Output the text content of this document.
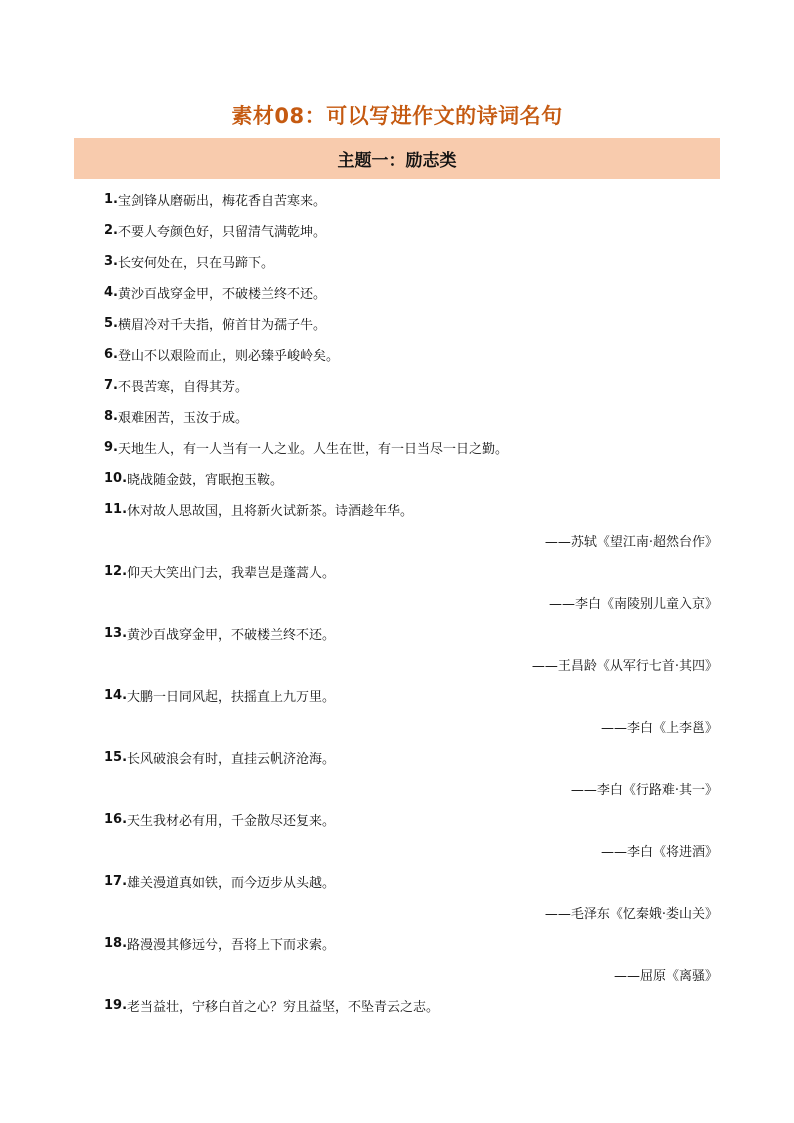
素材08：可以写进作文的诗词名句
主题一：励志类
1. 宝剑锋从磨砺出，梅花香自苦寒来。
2. 不要人夸颜色好，只留清气满乾坤。
3. 长安何处在，只在马蹄下。
4. 黄沙百战穿金甲，不破楼兰终不还。
5. 横眉冷对千夫指，俯首甘为孺子牛。
6. 登山不以艰险而止，则必臻乎峻岭矣。
7. 不畏苦寒，自得其芳。
8. 艰难困苦，玉汝于成。
9. 天地生人，有一人当有一人之业。人生在世，有一日当尽一日之勤。
10. 晓战随金鼓，宵眠抱玉鞍。
11. 休对故人思故国，且将新火试新茶。诗酒趁年华。
——苏轼《望江南·超然台作》
12. 仰天大笑出门去，我辈岂是蓬蒿人。
——李白《南陵别儿童入京》
13. 黄沙百战穿金甲，不破楼兰终不还。
——王昌龄《从军行七首·其四》
14. 大鹏一日同风起，扶摇直上九万里。
——李白《上李邕》
15. 长风破浪会有时，直挂云帆济沧海。
——李白《行路难·其一》
16. 天生我材必有用，千金散尽还复来。
——李白《将进酒》
17. 雄关漫道真如铁，而今迈步从头越。
——毛泽东《忆秦娥·娄山关》
18. 路漫漫其修远兮，吾将上下而求索。
——屈原《离骚》
19. 老当益壮，宁移白首之心？穷且益坚，不坠青云之志。
